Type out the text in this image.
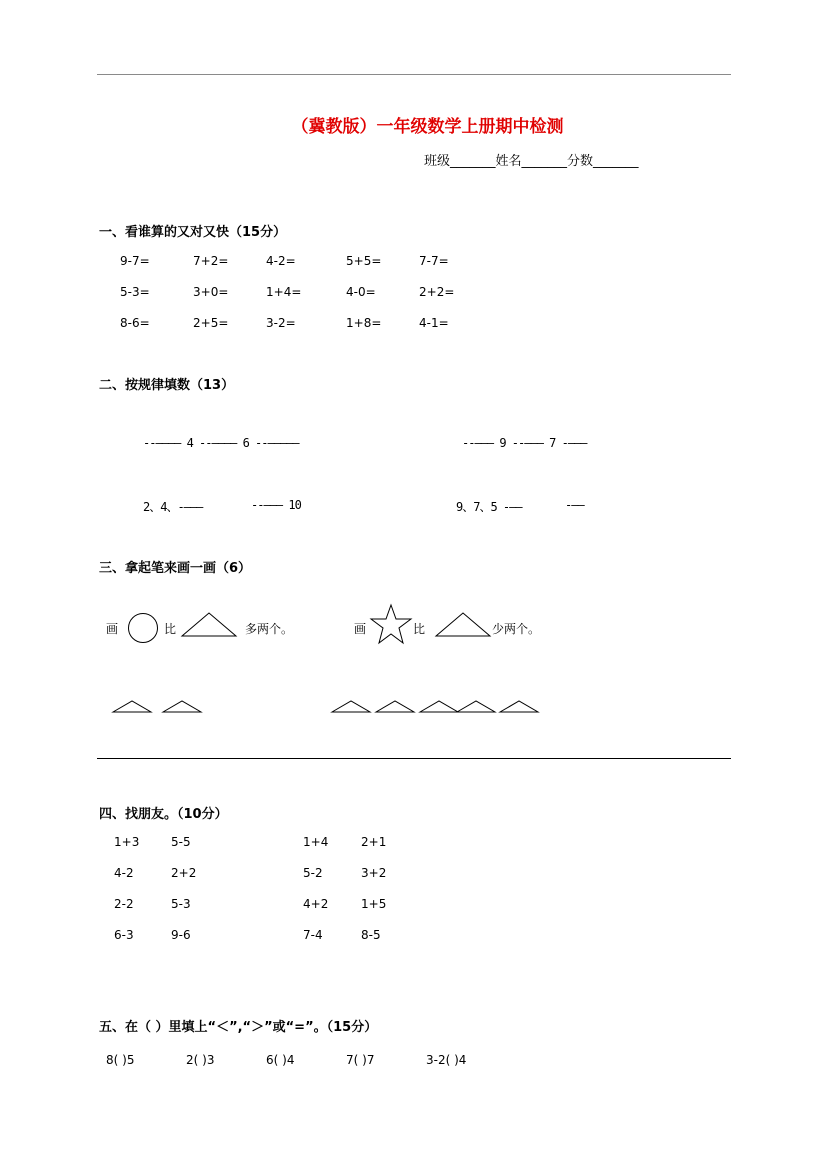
（冀教版）一年级数学上册期中检测
班级_______姓名_______分数_______
一、看谁算的又对又快（15分）
9-7=	7+2=	4-2=	5+5=	7-7=
5-3=	3+0=	1+4=	4-0=	2+2=
8-6=	2+5=	3-2=	1+8=	4-1=
二、按规律填数（13）
--———— 4 --———— 6 --—————	--——— 9 --——— 7 -———
2、4、-———	--——— 10	9、7、5 -——	-——
三、拿起笔来画一画（6）
画	比	多两个。	画	比	少两个。
四、找朋友。（10分）
1+3	5-5	1+4	2+1
4-2	2+2	5-2	3+2
2-2	5-3	4+2	1+5
6-3	9-6	7-4	8-5
五、在（ ）里填上“＜”,“＞”或“=”。（15分）
8( )5	2( )3	6( )4	7( )7	3-2( )4
